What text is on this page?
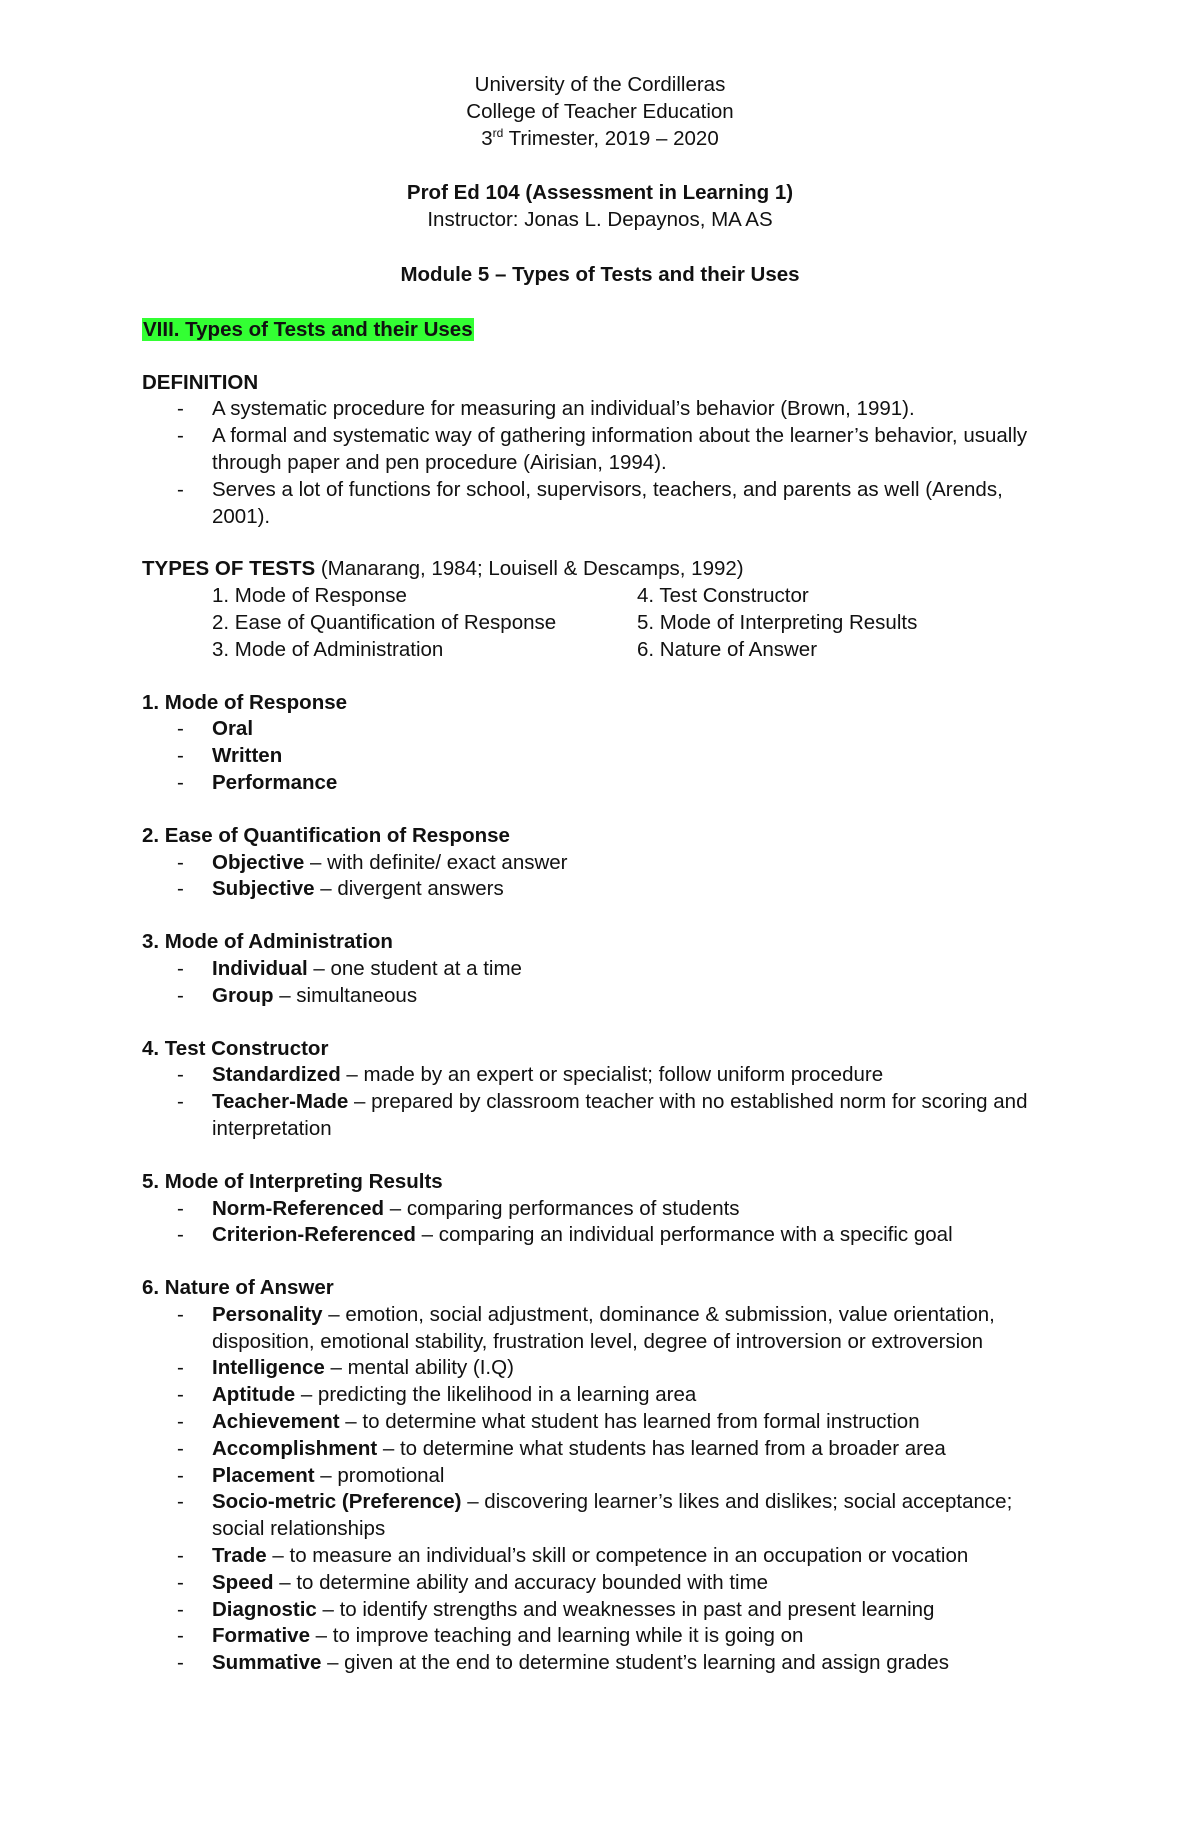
University of the Cordilleras
College of Teacher Education
3rd Trimester, 2019 – 2020
Prof Ed 104 (Assessment in Learning 1)
Instructor: Jonas L. Depaynos, MA AS
Module 5 – Types of Tests and their Uses
VIII. Types of Tests and their Uses
DEFINITION
- A systematic procedure for measuring an individual’s behavior (Brown, 1991).
- A formal and systematic way of gathering information about the learner’s behavior, usually through paper and pen procedure (Airisian, 1994).
- Serves a lot of functions for school, supervisors, teachers, and parents as well (Arends, 2001).
TYPES OF TESTS (Manarang, 1984; Louisell & Descamps, 1992)
1. Mode of Response	4. Test Constructor
2. Ease of Quantification of Response	5. Mode of Interpreting Results
3. Mode of Administration	6. Nature of Answer
1. Mode of Response
- Oral
- Written
- Performance
2. Ease of Quantification of Response
- Objective – with definite/ exact answer
- Subjective – divergent answers
3. Mode of Administration
- Individual – one student at a time
- Group – simultaneous
4. Test Constructor
- Standardized – made by an expert or specialist; follow uniform procedure
- Teacher-Made – prepared by classroom teacher with no established norm for scoring and interpretation
5. Mode of Interpreting Results
- Norm-Referenced – comparing performances of students
- Criterion-Referenced – comparing an individual performance with a specific goal
6. Nature of Answer
- Personality – emotion, social adjustment, dominance & submission, value orientation, disposition, emotional stability, frustration level, degree of introversion or extroversion
- Intelligence – mental ability (I.Q)
- Aptitude – predicting the likelihood in a learning area
- Achievement – to determine what student has learned from formal instruction
- Accomplishment – to determine what students has learned from a broader area
- Placement – promotional
- Socio-metric (Preference) – discovering learner’s likes and dislikes; social acceptance; social relationships
- Trade – to measure an individual’s skill or competence in an occupation or vocation
- Speed – to determine ability and accuracy bounded with time
- Diagnostic – to identify strengths and weaknesses in past and present learning
- Formative – to improve teaching and learning while it is going on
- Summative – given at the end to determine student’s learning and assign grades
